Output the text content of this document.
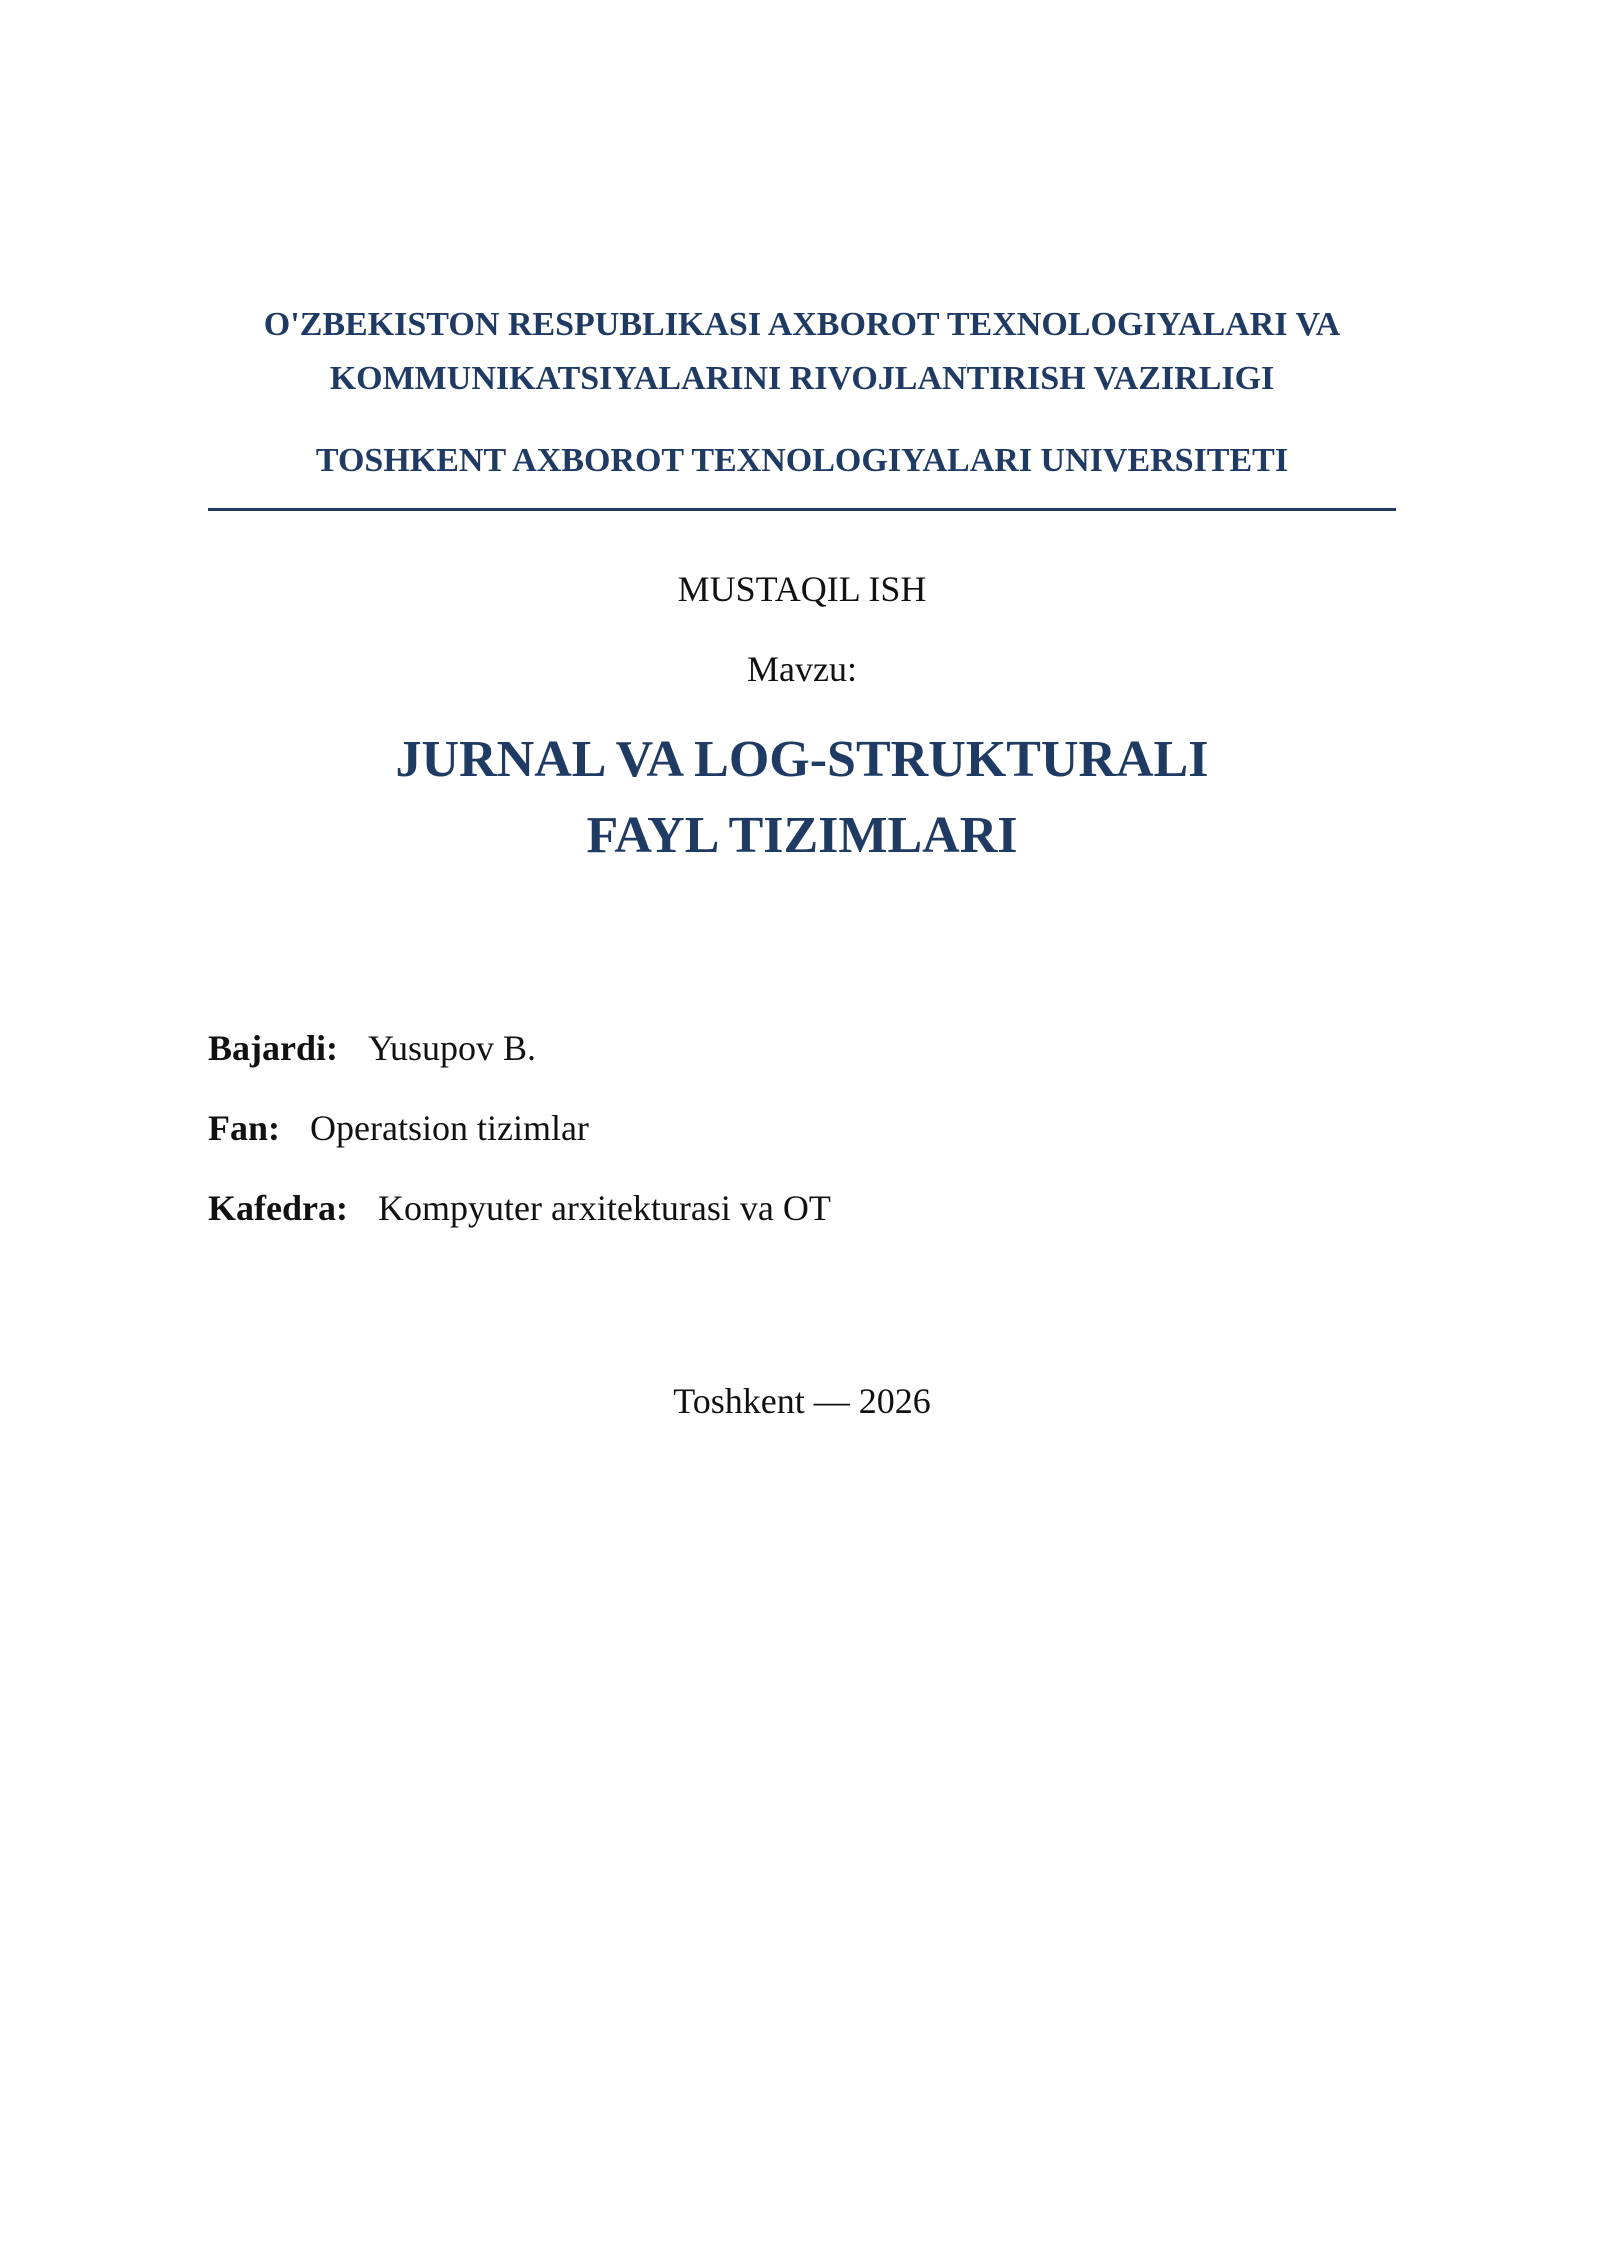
O'ZBEKISTON RESPUBLIKASI AXBOROT TEXNOLOGIYALARI VA
KOMMUNIKATSIYALARINI RIVOJLANTIRISH VAZIRLIGI
TOSHKENT AXBOROT TEXNOLOGIYALARI UNIVERSITETI
MUSTAQIL ISH
Mavzu:
JURNAL VA LOG-STRUKTURALI
FAYL TIZIMLARI
Bajardi: Yusupov B.
Fan: Operatsion tizimlar
Kafedra: Kompyuter arxitekturasi va OT
Toshkent — 2026
